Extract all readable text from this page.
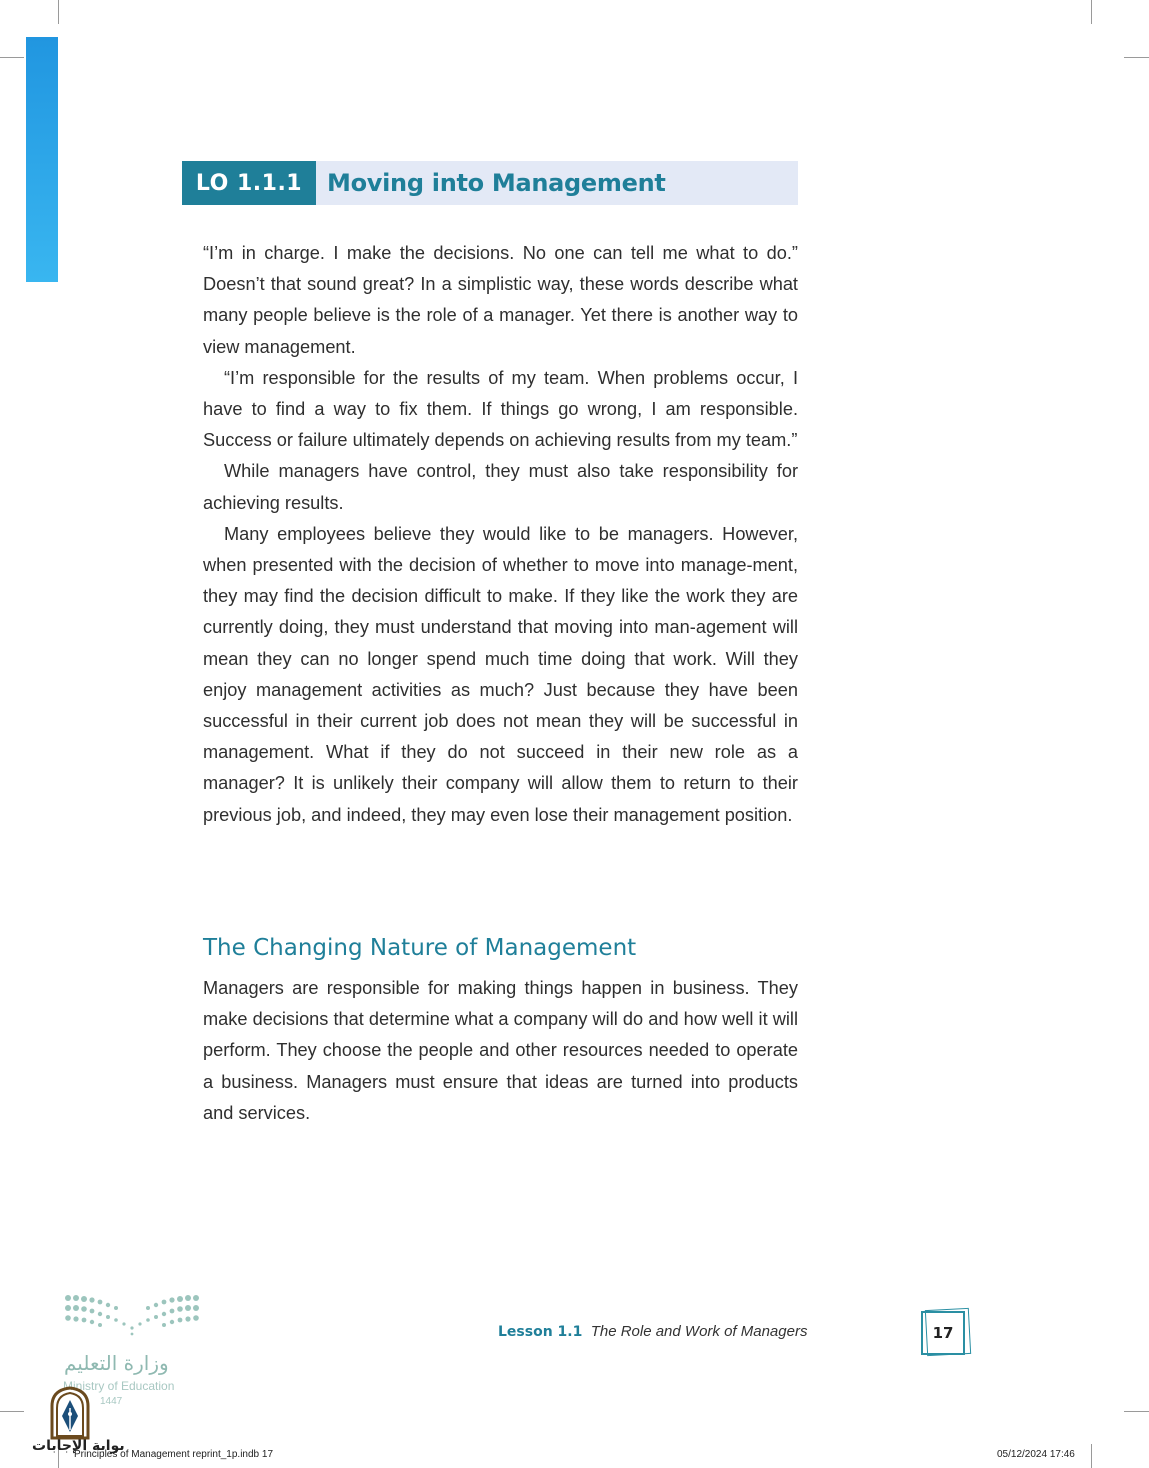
LO 1.1.1	Moving into Management

“I’m in charge. I make the decisions. No one can tell me what to do.” Doesn’t that sound great? In a simplistic way, these words describe what many people believe is the role of a manager. Yet there is another way to view management.

“I’m responsible for the results of my team. When problems occur, I have to find a way to fix them. If things go wrong, I am responsible. Success or failure ultimately depends on achieving results from my team.”

While managers have control, they must also take responsibility for achieving results.

Many employees believe they would like to be managers. However, when presented with the decision of whether to move into manage-ment, they may find the decision difficult to make. If they like the work they are currently doing, they must understand that moving into man-agement will mean they can no longer spend much time doing that work. Will they enjoy management activities as much? Just because they have been successful in their current job does not mean they will be successful in management. What if they do not succeed in their new role as a manager? It is unlikely their company will allow them to return to their previous job, and indeed, they may even lose their management position.

The Changing Nature of Management

Managers are responsible for making things happen in business. They make decisions that determine what a company will do and how well it will perform. They choose the people and other resources needed to operate a business. Managers must ensure that ideas are turned into products and services.

Lesson 1.1 The Role and Work of Managers	17
وزارة التعليم
Ministry of Education
1447
بوابة الإجابات
Principles of Management reprint_1p.indb 17	05/12/2024 17:46
